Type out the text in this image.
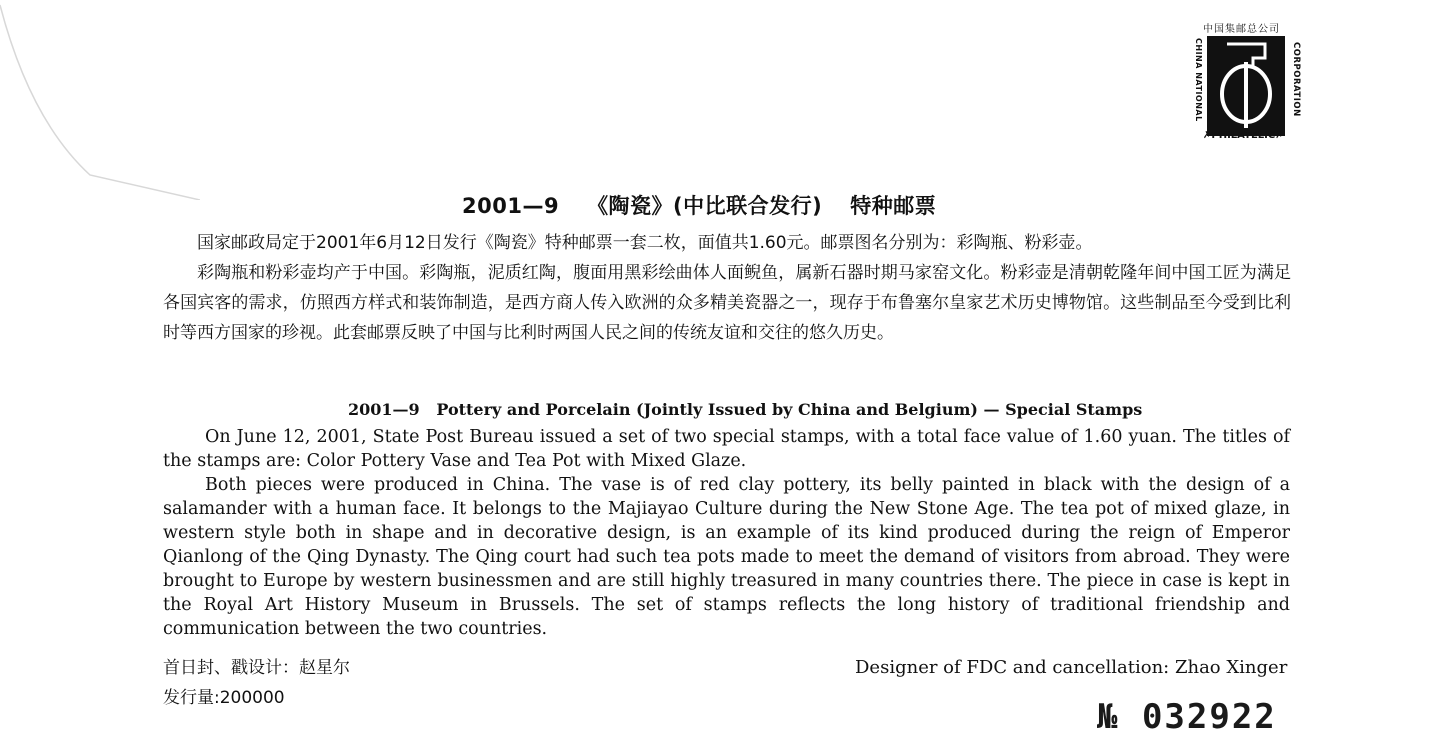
中国集邮总公司
CHINA NATIONAL	CORPORATION
✗PHILATELIC✗
2001—9 《陶瓷》(中比联合发行) 特种邮票

国家邮政局定于2001年6月12日发行《陶瓷》特种邮票一套二枚，面值共1.60元。邮票图名分别为：彩陶瓶、粉彩壶。

彩陶瓶和粉彩壶均产于中国。彩陶瓶，泥质红陶，腹面用黑彩绘曲体人面鲵鱼，属新石器时期马家窑文化。粉彩壶是清朝乾隆年间中国工匠为满足各国宾客的需求，仿照西方样式和装饰制造，是西方商人传入欧洲的众多精美瓷器之一，现存于布鲁塞尔皇家艺术历史博物馆。这些制品至今受到比利时等西方国家的珍视。此套邮票反映了中国与比利时两国人民之间的传统友谊和交往的悠久历史。

2001—9   Pottery and Porcelain (Jointly Issued by China and Belgium) — Special Stamps

On June 12, 2001, State Post Bureau issued a set of two special stamps, with a total face value of 1.60 yuan. The titles of the stamps are: Color Pottery Vase and Tea Pot with Mixed Glaze.

Both pieces were produced in China. The vase is of red clay pottery, its belly painted in black with the design of a salamander with a human face. It belongs to the Majiayao Culture during the New Stone Age. The tea pot of mixed glaze, in western style both in shape and in decorative design, is an example of its kind produced during the reign of Emperor Qianlong of the Qing Dynasty. The Qing court had such tea pots made to meet the demand of visitors from abroad. They were brought to Europe by western businessmen and are still highly treasured in many countries there. The piece in case is kept in the Royal Art History Museum in Brussels. The set of stamps reflects the long history of traditional friendship and communication between the two countries.

首日封、戳设计：赵星尔
发行量:200000
Designer of FDC and cancellation: Zhao Xinger
№ 032922
